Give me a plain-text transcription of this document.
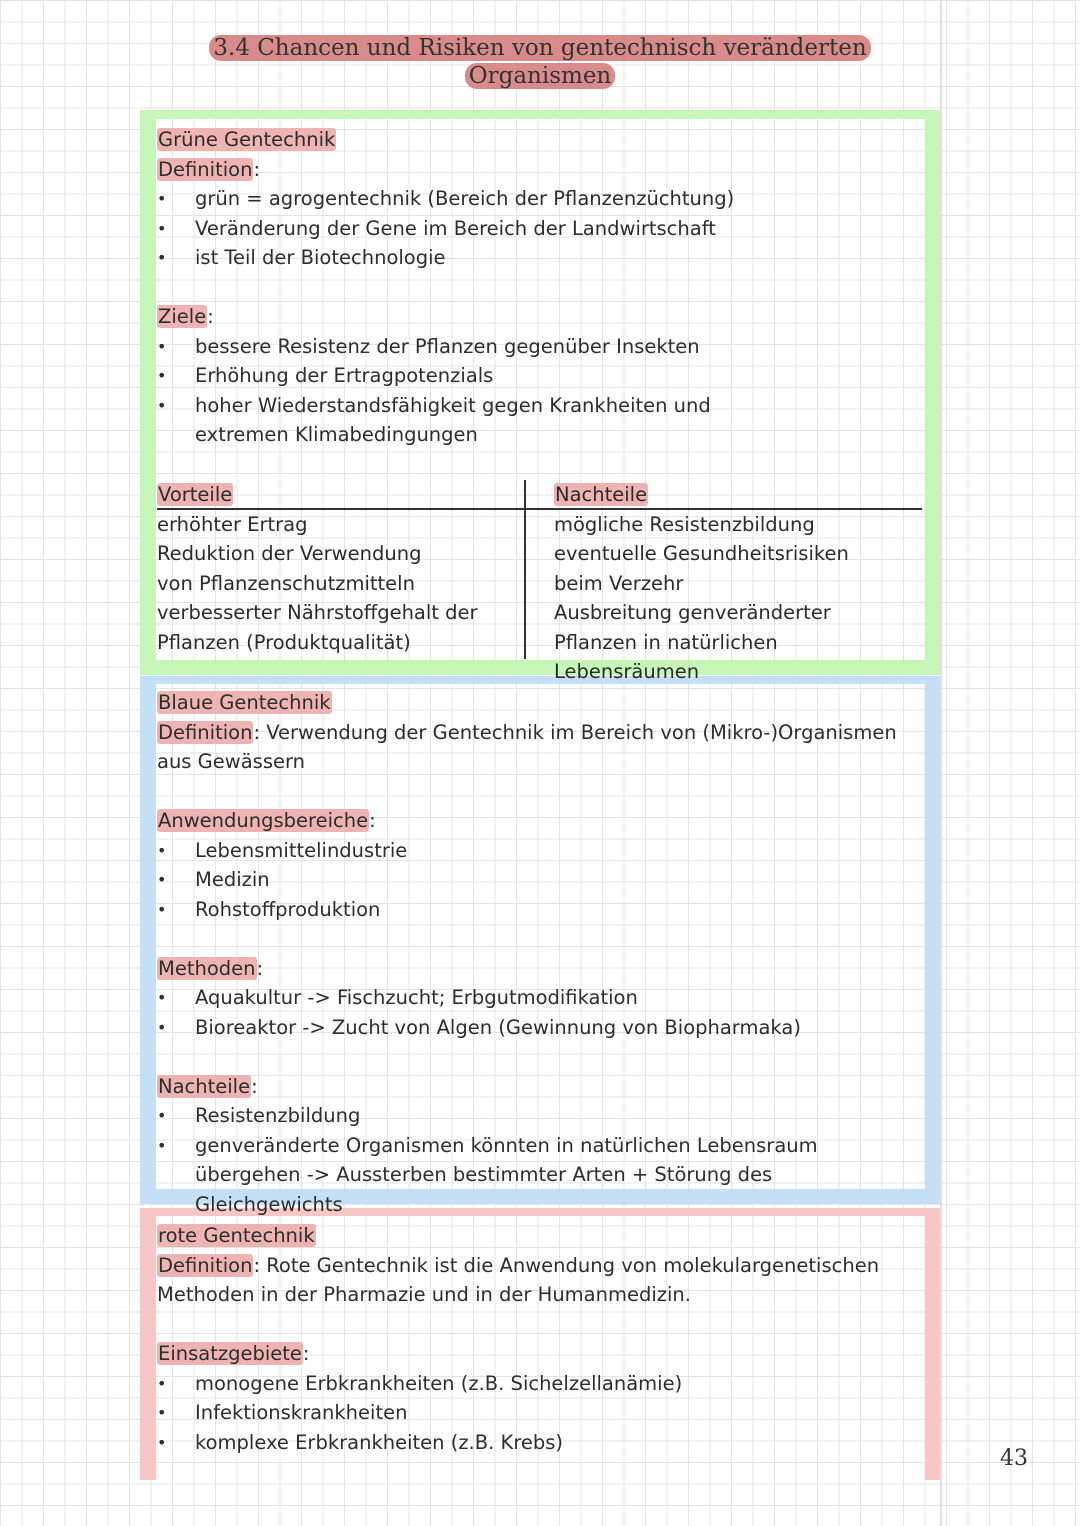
3.4 Chancen und Risiken von gentechnisch veränderten Organismen
Grüne Gentechnik
Definition:
• grün = agrogentechnik (Bereich der Pflanzenzüchtung)
• Veränderung der Gene im Bereich der Landwirtschaft
• ist Teil der Biotechnologie
Ziele:
• bessere Resistenz der Pflanzen gegenüber Insekten
• Erhöhung der Ertragpotenzials
• hoher Wiederstandsfähigkeit gegen Krankheiten und extremen Klimabedingungen
Vorteile
erhöhter Ertrag
Reduktion der Verwendung von Pflanzenschutzmitteln
verbesserter Nährstoffgehalt der Pflanzen (Produktqualität)
Nachteile
mögliche Resistenzbildung
eventuelle Gesundheitsrisiken beim Verzehr
Ausbreitung genveränderter Pflanzen in natürlichen Lebensräumen
Blaue Gentechnik
Definition: Verwendung der Gentechnik im Bereich von (Mikro-)Organismen aus Gewässern
Anwendungsbereiche:
• Lebensmittelindustrie
• Medizin
• Rohstoffproduktion
Methoden:
• Aquakultur -> Fischzucht; Erbgutmodifikation
• Bioreaktor -> Zucht von Algen (Gewinnung von Biopharmaka)
Nachteile:
• Resistenzbildung
• genveränderte Organismen könnten in natürlichen Lebensraum übergehen -> Aussterben bestimmter Arten + Störung des Gleichgewichts
rote Gentechnik
Definition: Rote Gentechnik ist die Anwendung von molekulargenetischen Methoden in der Pharmazie und in der Humanmedizin.
Einsatzgebiete:
• monogene Erbkrankheiten (z.B. Sichelzellanämie)
• Infektionskrankheiten
• komplexe Erbkrankheiten (z.B. Krebs)
43
